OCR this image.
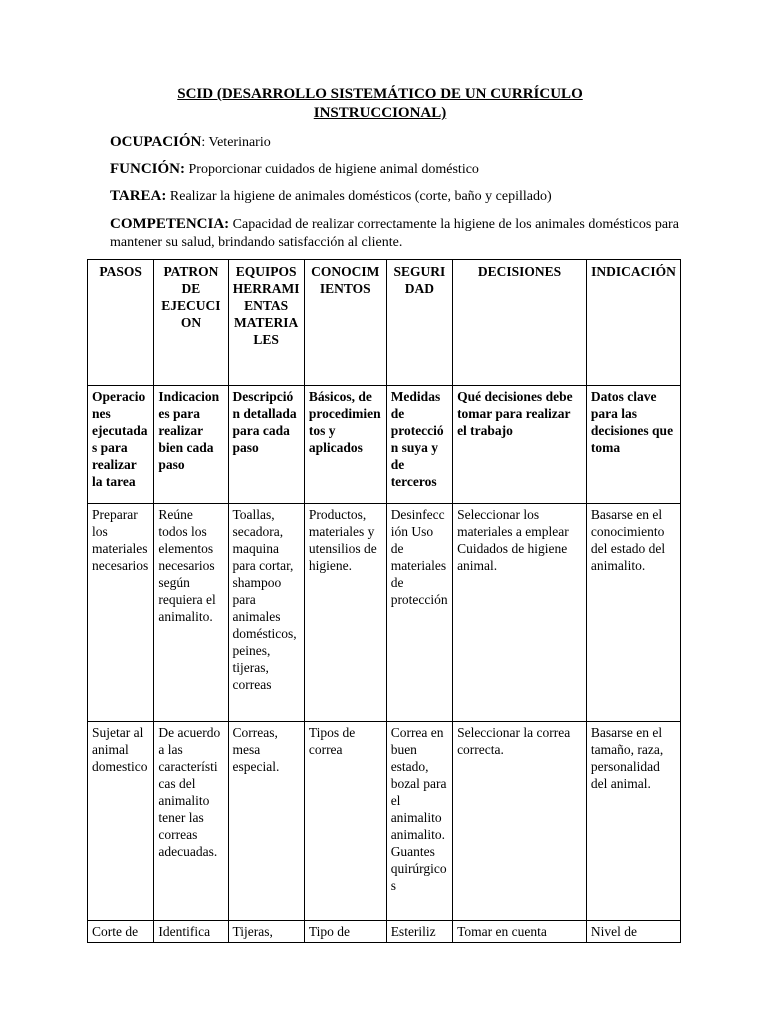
SCID (DESARROLLO SISTEMÁTICO DE UN CURRÍCULO
INSTRUCCIONAL)
OCUPACIÓN: Veterinario
FUNCIÓN: Proporcionar cuidados de higiene animal doméstico
TAREA: Realizar la higiene de animales domésticos (corte, baño y cepillado)
COMPETENCIA: Capacidad de realizar correctamente la higiene de los animales domésticos para mantener su salud, brindando satisfacción al cliente.
PASOS	PATRON DE EJECUCION	EQUIPOS HERRAMIENTAS MATERIALES	CONOCIMIENTOS	SEGURIDAD	DECISIONES	INDICACIÓN
Operaciones ejecutadas para realizar la tarea	Indicaciones para realizar bien cada paso	Descripción detallada para cada paso	Básicos, de procedimientos y aplicados	Medidas de protección suya y de terceros	Qué decisiones debe tomar para realizar el trabajo	Datos clave para las decisiones que toma
Preparar los materiales necesarios	Reúne todos los elementos necesarios según requiera el animalito.	Toallas, secadora, maquina para cortar, shampoo para animales domésticos, peines, tijeras, correas	Productos, materiales y utensilios de higiene.	Desinfección Uso de materiales de protección	Seleccionar los materiales a emplear Cuidados de higiene animal.	Basarse en el conocimiento del estado del animalito.
Sujetar al animal domestico	De acuerdo a las características del animalito tener las correas adecuadas.	Correas, mesa especial.	Tipos de correa	Correa en buen estado, bozal para el animalito animalito. Guantes quirúrgicos	Seleccionar la correa correcta.	Basarse en el tamaño, raza, personalidad del animal.
Corte de	Identifica	Tijeras,	Tipo de	Esteriliz	Tomar en cuenta	Nivel de
